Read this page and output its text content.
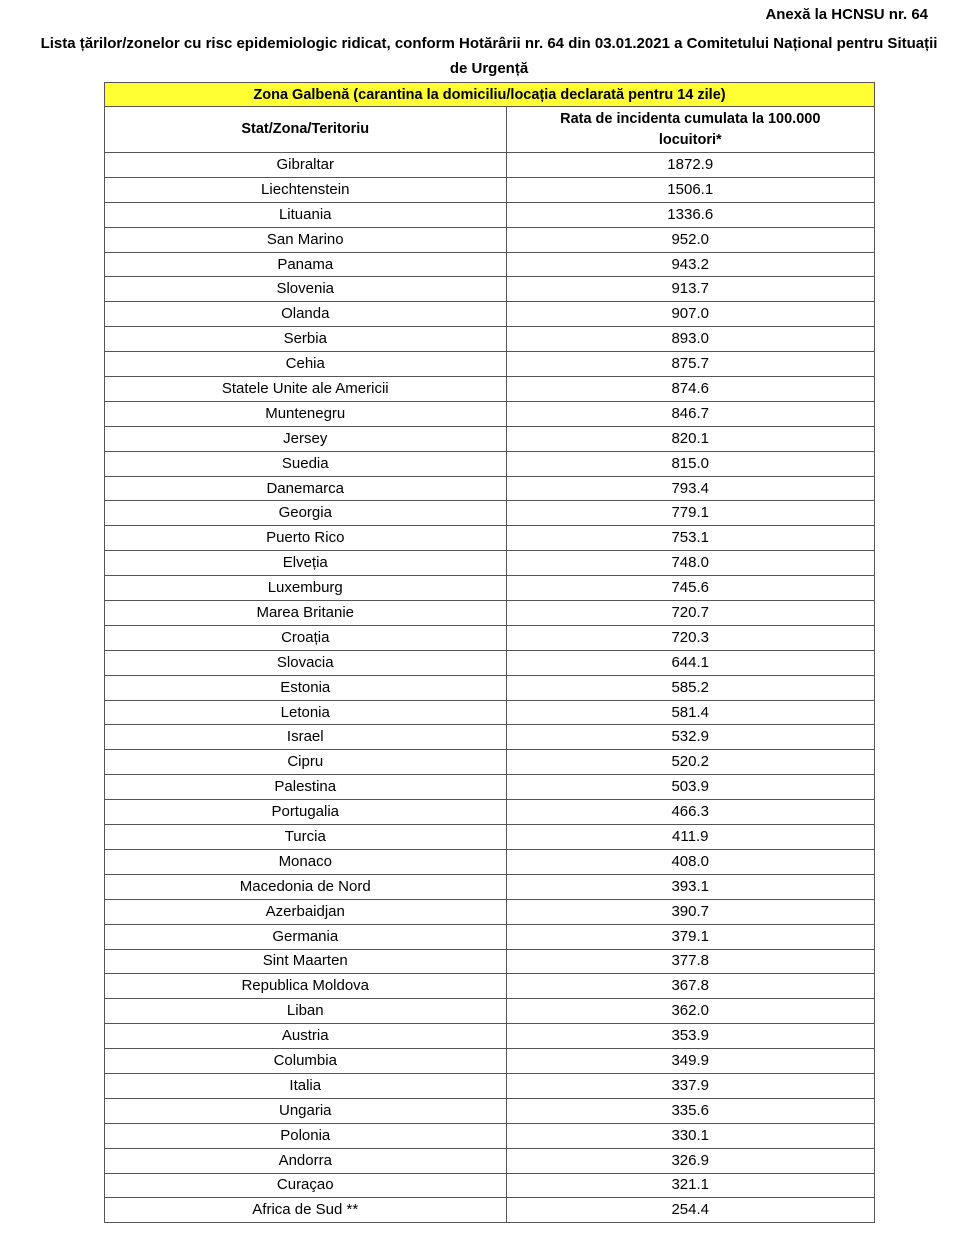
Anexă la HCNSU nr. 64
Lista țărilor/zonelor cu risc epidemiologic ridicat, conform Hotărârii nr. 64 din 03.01.2021 a Comitetului Național pentru Situații de Urgență
Zona Galbenă (carantina la domiciliu/locația declarată pentru 14 zile)	
Stat/Zona/Teritoriu	Rata de incidenta cumulata la 100.000 locuitori*
Gibraltar	1872.9
Liechtenstein	1506.1
Lituania	1336.6
San Marino	952.0
Panama	943.2
Slovenia	913.7
Olanda	907.0
Serbia	893.0
Cehia	875.7
Statele Unite ale Americii	874.6
Muntenegru	846.7
Jersey	820.1
Suedia	815.0
Danemarca	793.4
Georgia	779.1
Puerto Rico	753.1
Elveția	748.0
Luxemburg	745.6
Marea Britanie	720.7
Croația	720.3
Slovacia	644.1
Estonia	585.2
Letonia	581.4
Israel	532.9
Cipru	520.2
Palestina	503.9
Portugalia	466.3
Turcia	411.9
Monaco	408.0
Macedonia de Nord	393.1
Azerbaidjan	390.7
Germania	379.1
Sint Maarten	377.8
Republica Moldova	367.8
Liban	362.0
Austria	353.9
Columbia	349.9
Italia	337.9
Ungaria	335.6
Polonia	330.1
Andorra	326.9
Curaçao	321.1
Africa de Sud **	254.4
